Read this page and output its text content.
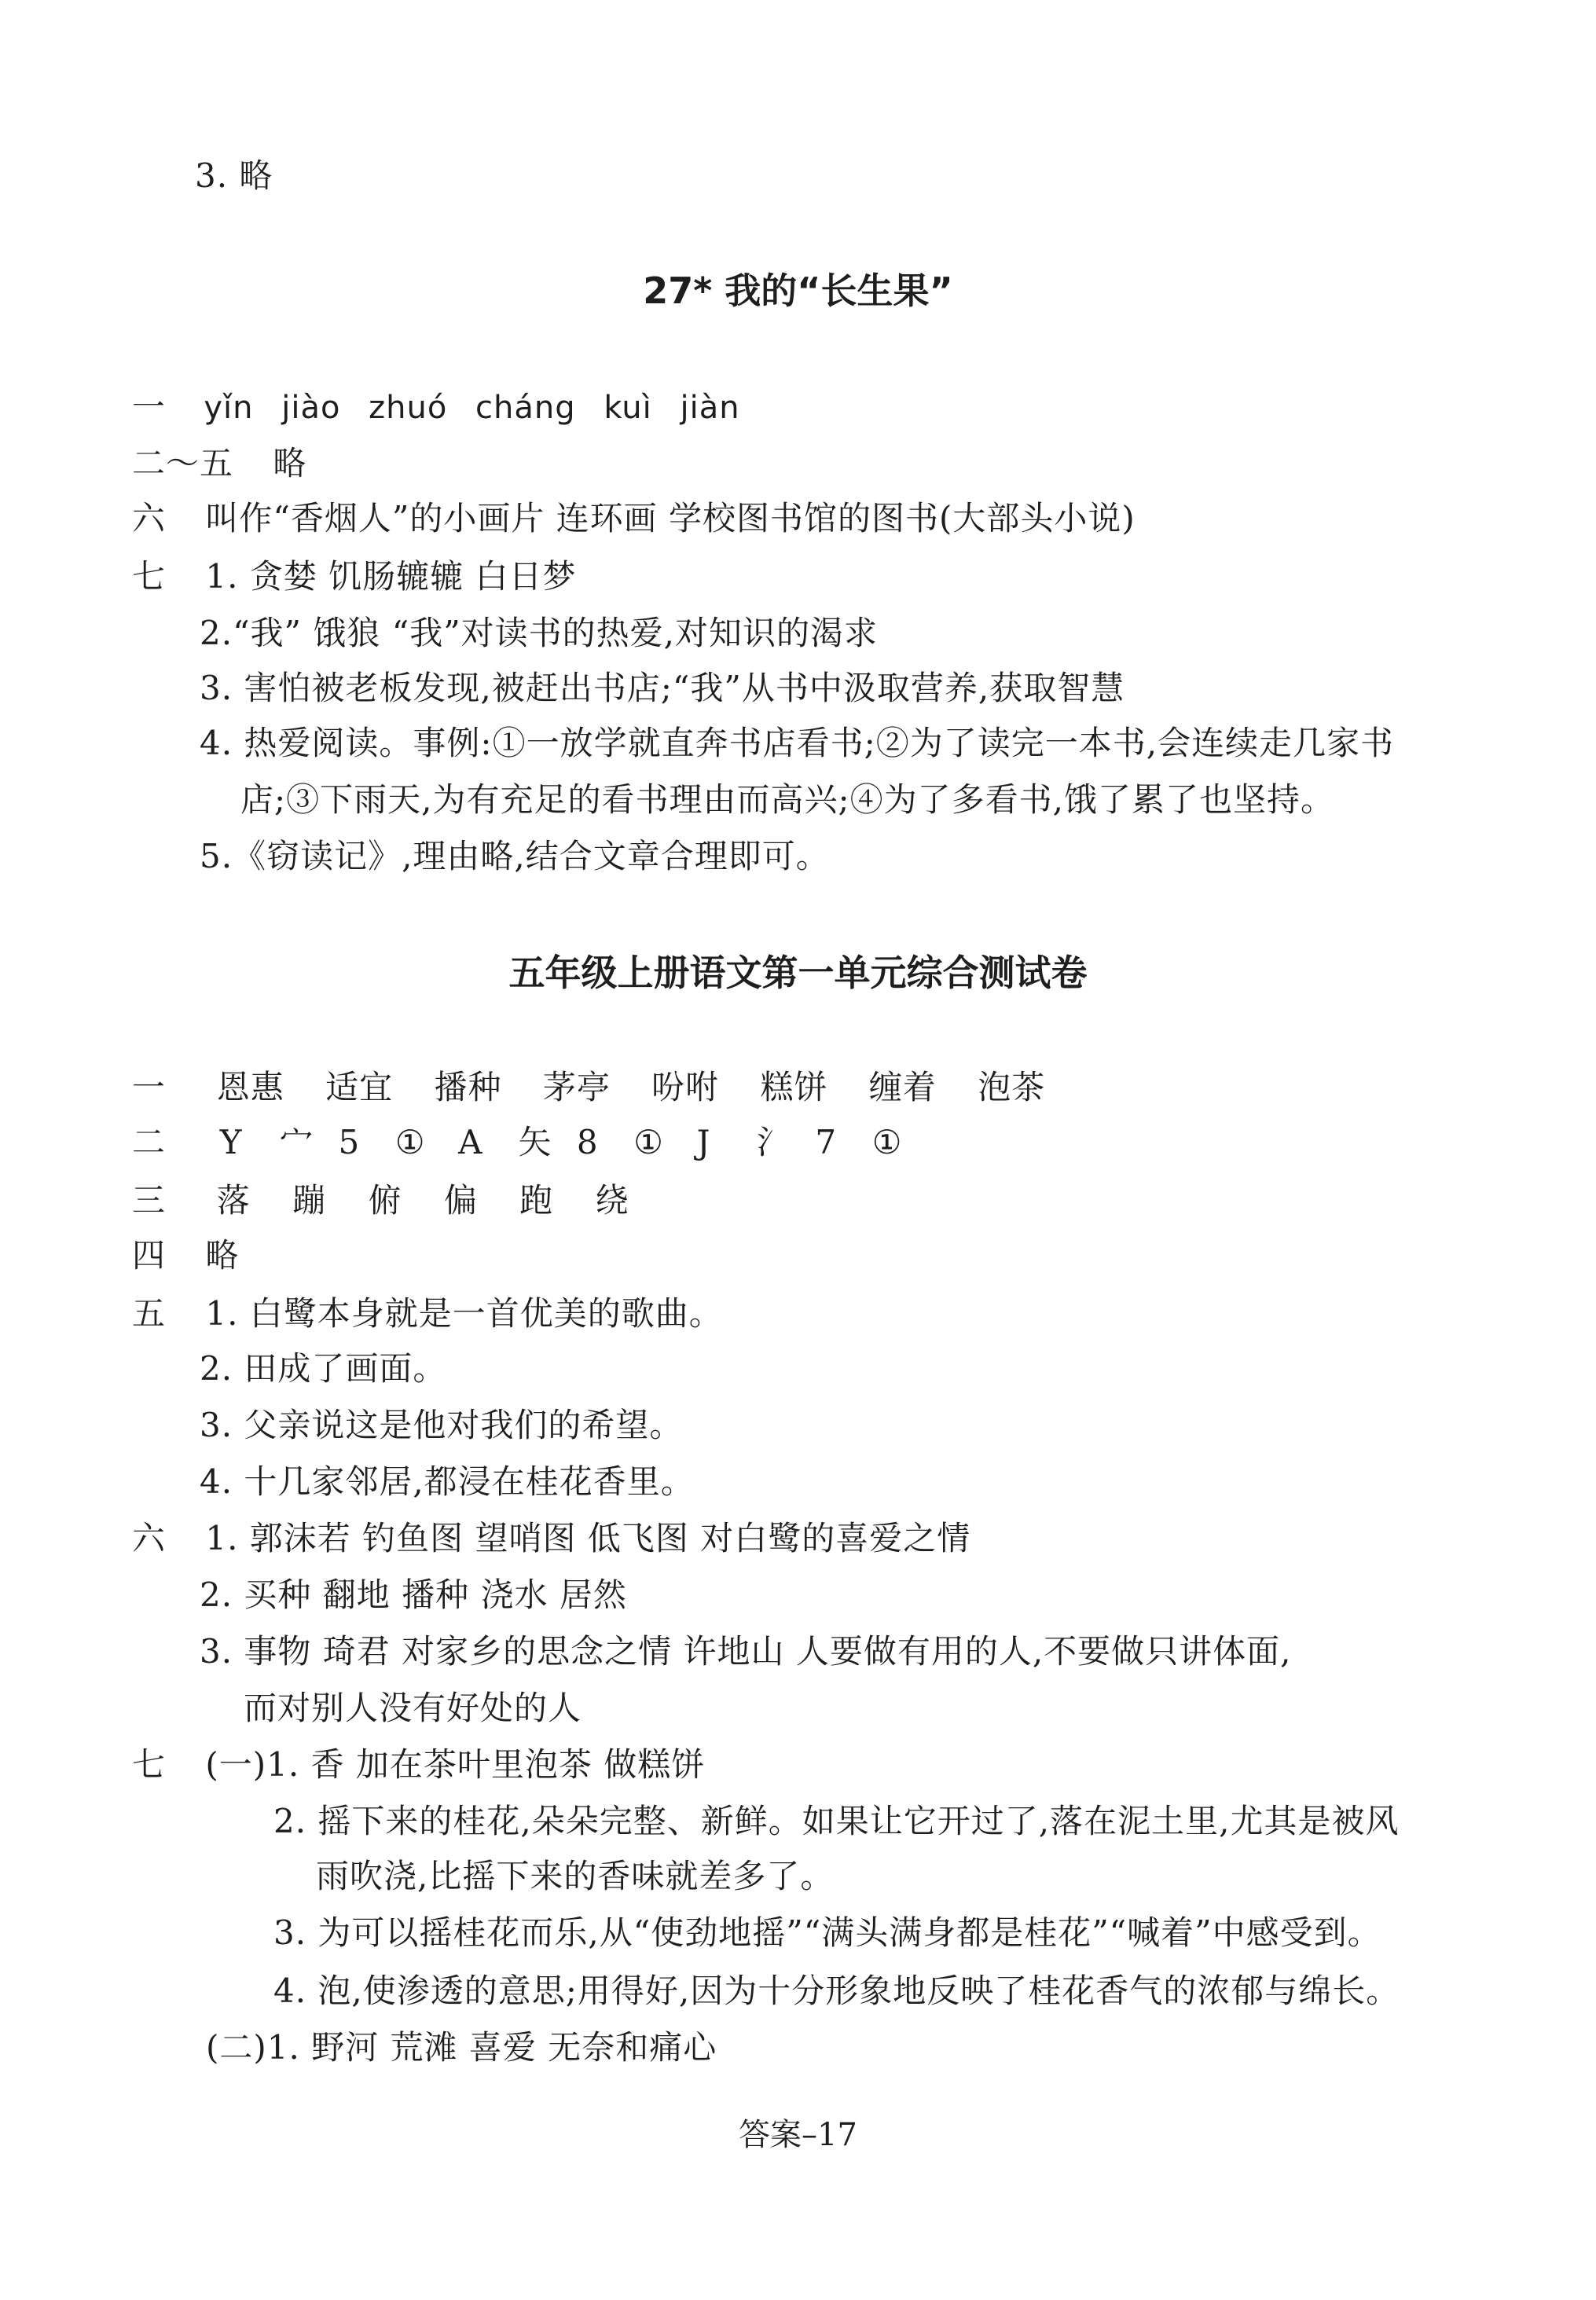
3. 略
27* 我的“长生果”
一 yǐn jiào zhuó cháng kuì jiàn
二～五 略
六 叫作“香烟人”的小画片 连环画 学校图书馆的图书(大部头小说)
七 1. 贪婪 饥肠辘辘 白日梦
2.“我” 饿狼 “我”对读书的热爱,对知识的渴求
3. 害怕被老板发现,被赶出书店;“我”从书中汲取营养,获取智慧
4. 热爱阅读。事例:①一放学就直奔书店看书;②为了读完一本书,会连续走几家书
店;③下雨天,为有充足的看书理由而高兴;④为了多看书,饿了累了也坚持。
5.《窃读记》,理由略,结合文章合理即可。
五年级上册语文第一单元综合测试卷
一 恩惠 适宜 播种 茅亭 吩咐 糕饼 缠着 泡茶
二 Y 宀 5 ① A 矢 8 ① J 氵 7 ①
三 落 蹦 俯 偏 跑 绕
四 略
五 1. 白鹭本身就是一首优美的歌曲。
2. 田成了画面。
3. 父亲说这是他对我们的希望。
4. 十几家邻居,都浸在桂花香里。
六 1. 郭沫若 钓鱼图 望哨图 低飞图 对白鹭的喜爱之情
2. 买种 翻地 播种 浇水 居然
3. 事物 琦君 对家乡的思念之情 许地山 人要做有用的人,不要做只讲体面,
而对别人没有好处的人
七 (一)1. 香 加在茶叶里泡茶 做糕饼
2. 摇下来的桂花,朵朵完整、新鲜。如果让它开过了,落在泥土里,尤其是被风
雨吹浇,比摇下来的香味就差多了。
3. 为可以摇桂花而乐,从“使劲地摇”“满头满身都是桂花”“喊着”中感受到。
4. 泡,使渗透的意思;用得好,因为十分形象地反映了桂花香气的浓郁与绵长。
(二)1. 野河 荒滩 喜爱 无奈和痛心
答案–17
